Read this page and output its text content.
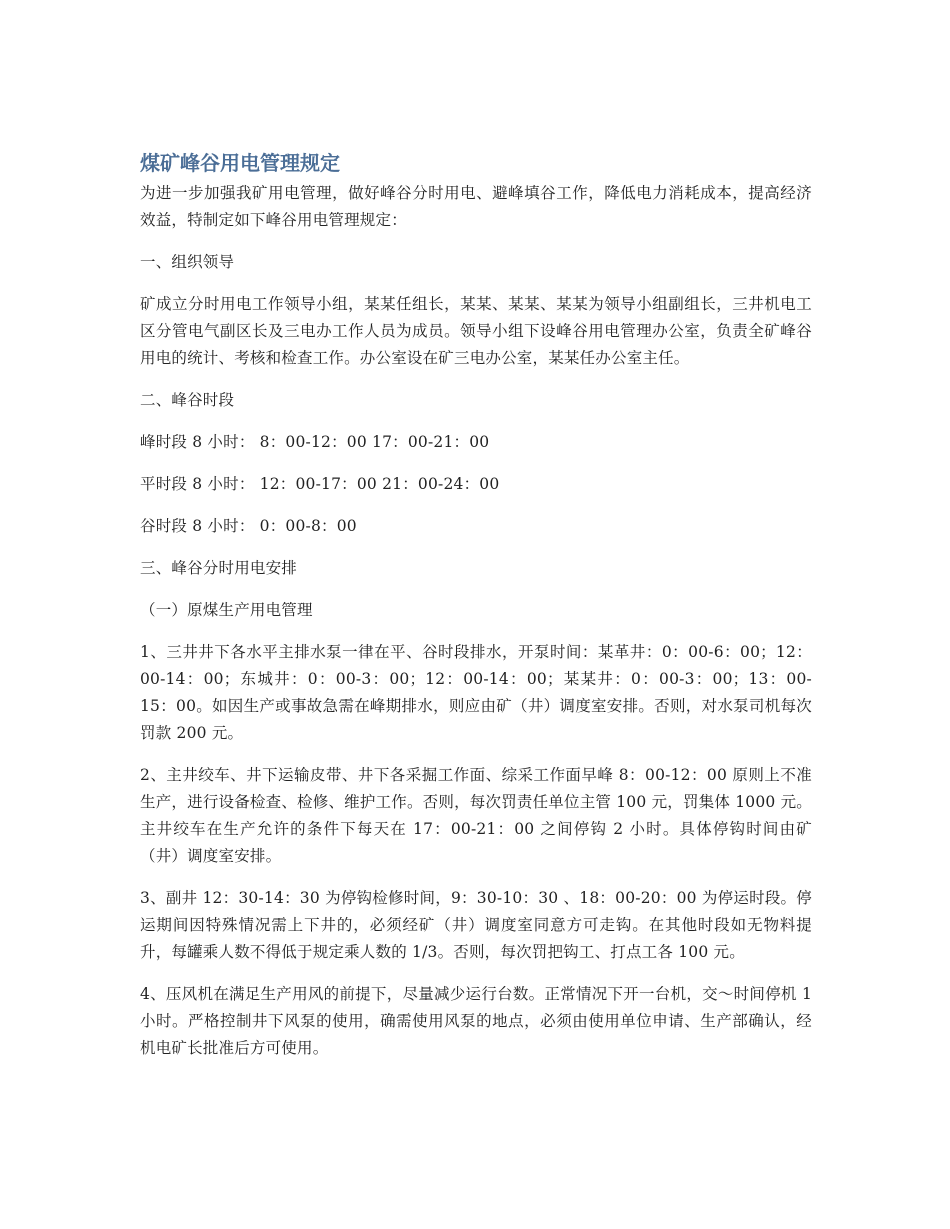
煤矿峰谷用电管理规定

为进一步加强我矿用电管理，做好峰谷分时用电、避峰填谷工作，降低电力消耗成本，提高经济效益，特制定如下峰谷用电管理规定：

一、组织领导

矿成立分时用电工作领导小组，某某任组长，某某、某某、某某为领导小组副组长，三井机电工区分管电气副区长及三电办工作人员为成员。领导小组下设峰谷用电管理办公室，负责全矿峰谷用电的统计、考核和检查工作。办公室设在矿三电办公室，某某任办公室主任。

二、峰谷时段

峰时段 8 小时： 8：00-12：00 17：00-21：00

平时段 8 小时： 12：00-17：00 21：00-24：00

谷时段 8 小时： 0：00-8：00

三、峰谷分时用电安排

（一）原煤生产用电管理

1、三井井下各水平主排水泵一律在平、谷时段排水，开泵时间：某革井：0：00-6：00；12：00-14：00；东城井：0：00-3：00；12：00-14：00；某某井：0：00-3：00；13：00-15：00。如因生产或事故急需在峰期排水，则应由矿（井）调度室安排。否则，对水泵司机每次罚款 200 元。

2、主井绞车、井下运输皮带、井下各采掘工作面、综采工作面早峰 8：00-12：00 原则上不准生产，进行设备检查、检修、维护工作。否则，每次罚责任单位主管 100 元，罚集体 1000 元。主井绞车在生产允许的条件下每天在 17：00-21：00 之间停钩 2 小时。具体停钩时间由矿（井）调度室安排。

3、副井 12：30-14：30 为停钩检修时间，9：30-10：30 、18：00-20：00 为停运时段。停运期间因特殊情况需上下井的，必须经矿（井）调度室同意方可走钩。在其他时段如无物料提升，每罐乘人数不得低于规定乘人数的 1/3。否则，每次罚把钩工、打点工各 100 元。

4、压风机在满足生产用风的前提下，尽量减少运行台数。正常情况下开一台机，交～时间停机 1 小时。严格控制井下风泵的使用，确需使用风泵的地点，必须由使用单位申请、生产部确认，经机电矿长批准后方可使用。
